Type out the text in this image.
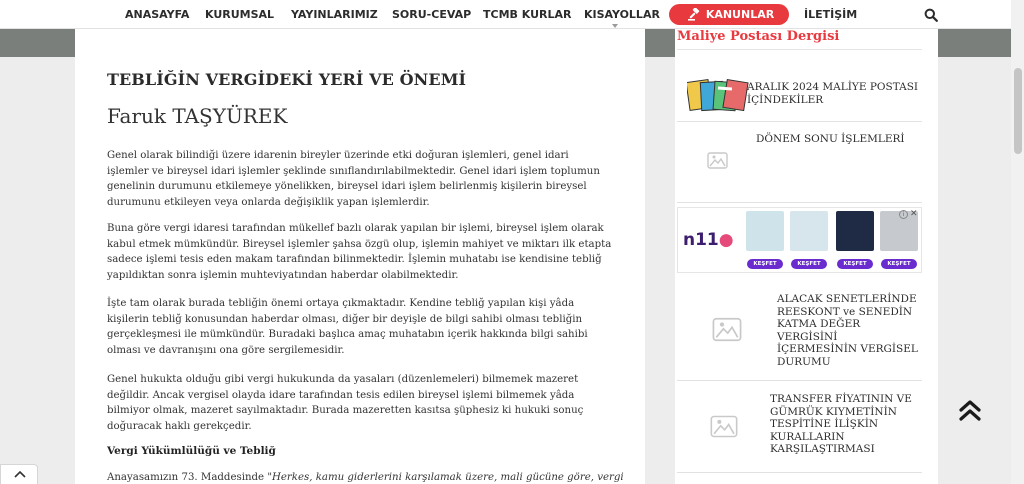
ANASAYFA KURUMSAL YAYINLARIMIZ SORU-CEVAP TCMB KURLAR KISAYOLLAR	KANUNLAR	İLETİŞİM
TEBLİĞİN VERGİDEKİ YERİ VE ÖNEMİ
Faruk TAŞYÜREK

Genel olarak bilindiği üzere idarenin bireyler üzerinde etki doğuran işlemleri, genel idari işlemler ve bireysel idari işlemler şeklinde sınıflandırılabilmektedir. Genel idari işlem toplumun genelinin durumunu etkilemeye yönelikken, bireysel idari işlem belirlenmiş kişilerin bireysel durumunu etkileyen veya onlarda değişiklik yapan işlemlerdir.

Buna göre vergi idaresi tarafından mükellef bazlı olarak yapılan bir işlemi, bireysel işlem olarak kabul etmek mümkündür. Bireysel işlemler şahsa özgü olup, işlemin mahiyet ve miktarı ilk etapta sadece işlemi tesis eden makam tarafından bilinmektedir. İşlemin muhatabı ise kendisine tebliğ yapıldıktan sonra işlemin muhteviyatından haberdar olabilmektedir.

İşte tam olarak burada tebliğin önemi ortaya çıkmaktadır. Kendine tebliğ yapılan kişi yâda kişilerin tebliğ konusundan haberdar olması, diğer bir deyişle de bilgi sahibi olması tebliğin gerçekleşmesi ile mümkündür. Buradaki başlıca amaç muhatabın içerik hakkında bilgi sahibi olması ve davranışını ona göre sergilemesidir.

Genel hukukta olduğu gibi vergi hukukunda da yasaları (düzenlemeleri) bilmemek mazeret değildir. Ancak vergisel olayda idare tarafından tesis edilen bireysel işlemi bilmemek yâda bilmiyor olmak, mazeret sayılmaktadır. Burada mazeretten kasıtsa şüphesiz ki hukuki sonuç doğuracak haklı gerekçedir.

Vergi Yükümlülüğü ve Tebliğ

Anayasamızın 73. Maddesinde "Herkes, kamu giderlerini karşılamak üzere, mali gücüne göre, vergi

Maliye Postası Dergisi
ARALIK 2024 MALİYE POSTASI İÇİNDEKİLER
DÖNEM SONU İŞLEMLERİ
ALACAK SENETLERİNDE REESKONT ve SENEDİN KATMA DEĞER VERGİSİNİ İÇERMESİNİN VERGİSEL DURUMU
TRANSFER FİYATININ VE GÜMRÜK KIYMETİNİN TESPİTİNE İLİŞKİN KURALLARIN KARŞILAŞTIRMASI
n11●
KEŞFET	KEŞFET	KEŞFET	KEŞFET
i ✕
